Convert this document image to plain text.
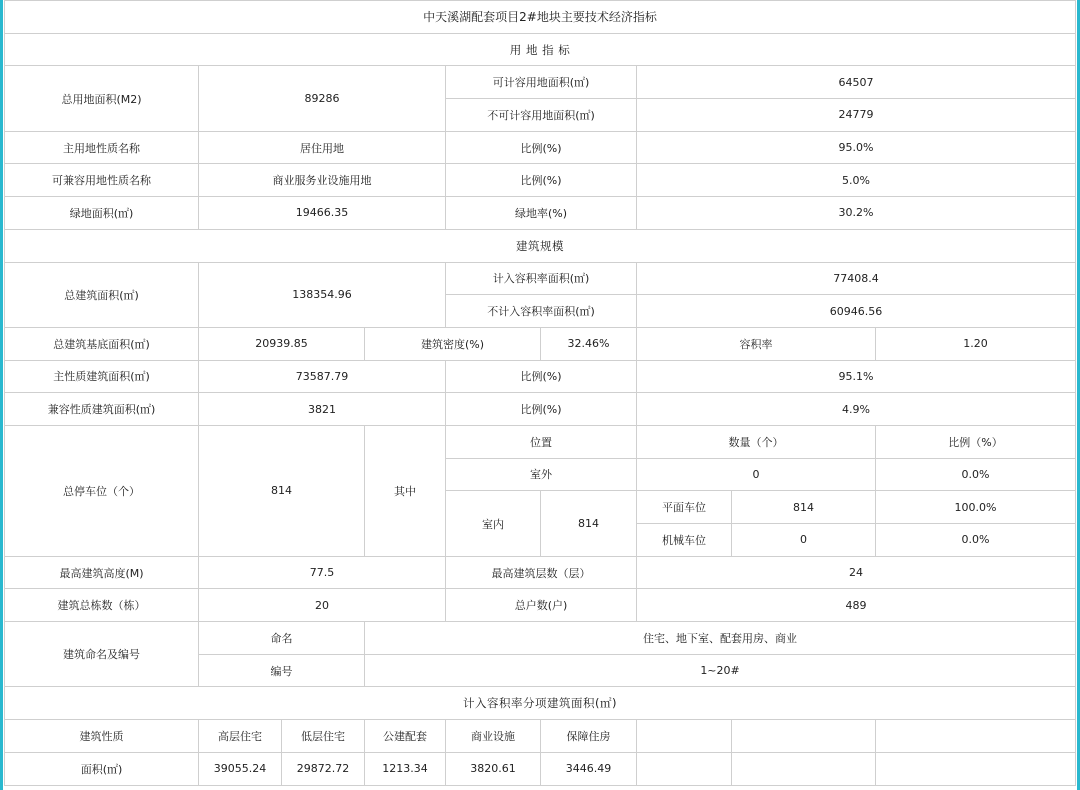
中天溪湖配套项目2#地块主要技术经济指标								
用 地 指 标								
总用地面积(M2)	89286			可计容用地面积(㎡)		64507		
				不可计容用地面积(㎡)		24779		
主用地性质名称	居住用地			比例(%)		95.0%		
可兼容用地性质名称	商业服务业设施用地			比例(%)		5.0%		
绿地面积(㎡)	19466.35			绿地率(%)		30.2%		
建筑规模								
总建筑面积(㎡)	138354.96			计入容积率面积(㎡)		77408.4		
				不计入容积率面积(㎡)		60946.56		
总建筑基底面积(㎡)	20939.85		建筑密度(%)		32.46%	容积率		1.20
主性质建筑面积(㎡)	73587.79			比例(%)		95.1%		
兼容性质建筑面积(㎡)	3821			比例(%)		4.9%		
总停车位（个）	814		其中	位置		数量（个）		比例（%）
				室外		0		0.0%
				室内	814	平面车位	814	100.0%
						机械车位	0	0.0%
最高建筑高度(M)	77.5			最高建筑层数（层）		24		
建筑总栋数（栋）	20			总户数(户)		489		
建筑命名及编号	命名		住宅、地下室、配套用房、商业					
	编号		1~20#					
计入容积率分项建筑面积(㎡)								
建筑性质	高层住宅	低层住宅	公建配套	商业设施	保障住房			
面积(㎡)	39055.24	29872.72	1213.34	3820.61	3446.49			
